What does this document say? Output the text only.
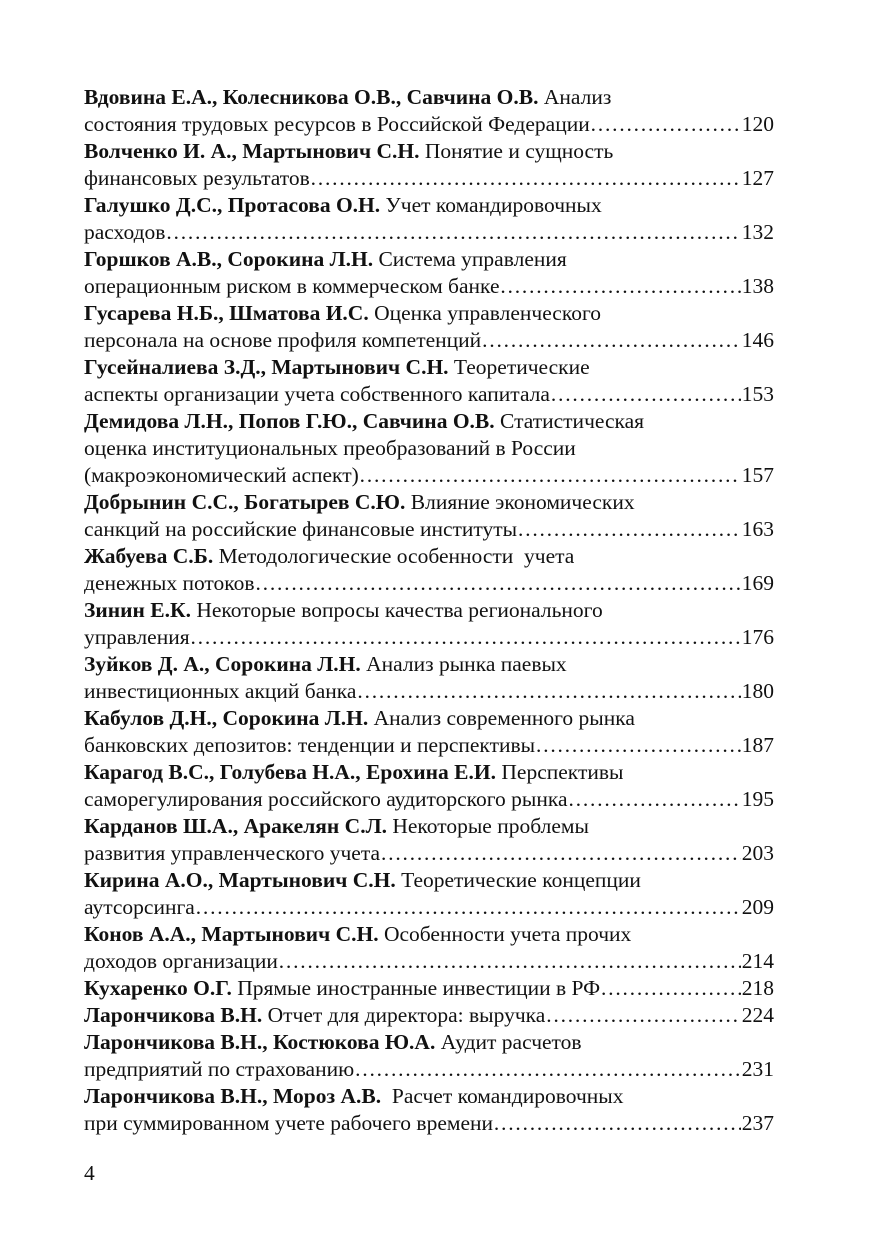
Вдовина Е.А., Колесникова О.В., Савчина О.В. Анализ
состояния трудовых ресурсов в Российской Федерации …………………………………………………………………………………………………………………………………	120
Волченко И. А., Мартынович С.Н. Понятие и сущность
финансовых результатов …………………………………………………………………………………………………………………………………	127
Галушко Д.С., Протасова О.Н. Учет командировочных
расходов …………………………………………………………………………………………………………………………………	132
Горшков А.В., Сорокина Л.Н. Система управления
операционным риском в коммерческом банке …………………………………………………………………………………………………………………………………	138
Гусарева Н.Б., Шматова И.С. Оценка управленческого
персонала на основе профиля компетенций …………………………………………………………………………………………………………………………………	146
Гусейналиева З.Д., Мартынович С.Н. Теоретические
аспекты организации учета собственного капитала …………………………………………………………………………………………………………………………………	153
Демидова Л.Н., Попов Г.Ю., Савчина О.В. Статистическая
оценка институциональных преобразований в России
(макроэкономический аспект) …………………………………………………………………………………………………………………………………	157
Добрынин С.С., Богатырев С.Ю. Влияние экономических
санкций на российские финансовые институты …………………………………………………………………………………………………………………………………	163
Жабуева С.Б. Методологические особенности  учета
денежных потоков …………………………………………………………………………………………………………………………………	169
Зинин Е.К. Некоторые вопросы качества регионального
управления …………………………………………………………………………………………………………………………………	176
Зуйков Д. А., Сорокина Л.Н. Анализ рынка паевых
инвестиционных акций банка …………………………………………………………………………………………………………………………………	180
Кабулов Д.Н., Сорокина Л.Н. Анализ современного рынка
банковских депозитов: тенденции и перспективы …………………………………………………………………………………………………………………………………	187
Карагод В.С., Голубева Н.А., Ерохина Е.И. Перспективы
саморегулирования российского аудиторского рынка …………………………………………………………………………………………………………………………………	195
Карданов Ш.А., Аракелян С.Л. Некоторые проблемы
развития управленческого учета …………………………………………………………………………………………………………………………………	203
Кирина А.О., Мартынович С.Н. Теоретические концепции
аутсорсинга …………………………………………………………………………………………………………………………………	209
Конов А.А., Мартынович С.Н. Особенности учета прочих
доходов организации …………………………………………………………………………………………………………………………………	214
Кухаренко О.Г. Прямые иностранные инвестиции в РФ …………………………………………………………………………………………………………………………………	218
Ларончикова В.Н. Отчет для директора: выручка …………………………………………………………………………………………………………………………………	224
Ларончикова В.Н., Костюкова Ю.А. Аудит расчетов
предприятий по страхованию …………………………………………………………………………………………………………………………………	231
Ларончикова В.Н., Мороз А.В.  Расчет командировочных
при суммированном учете рабочего времени …………………………………………………………………………………………………………………………………	237
4
